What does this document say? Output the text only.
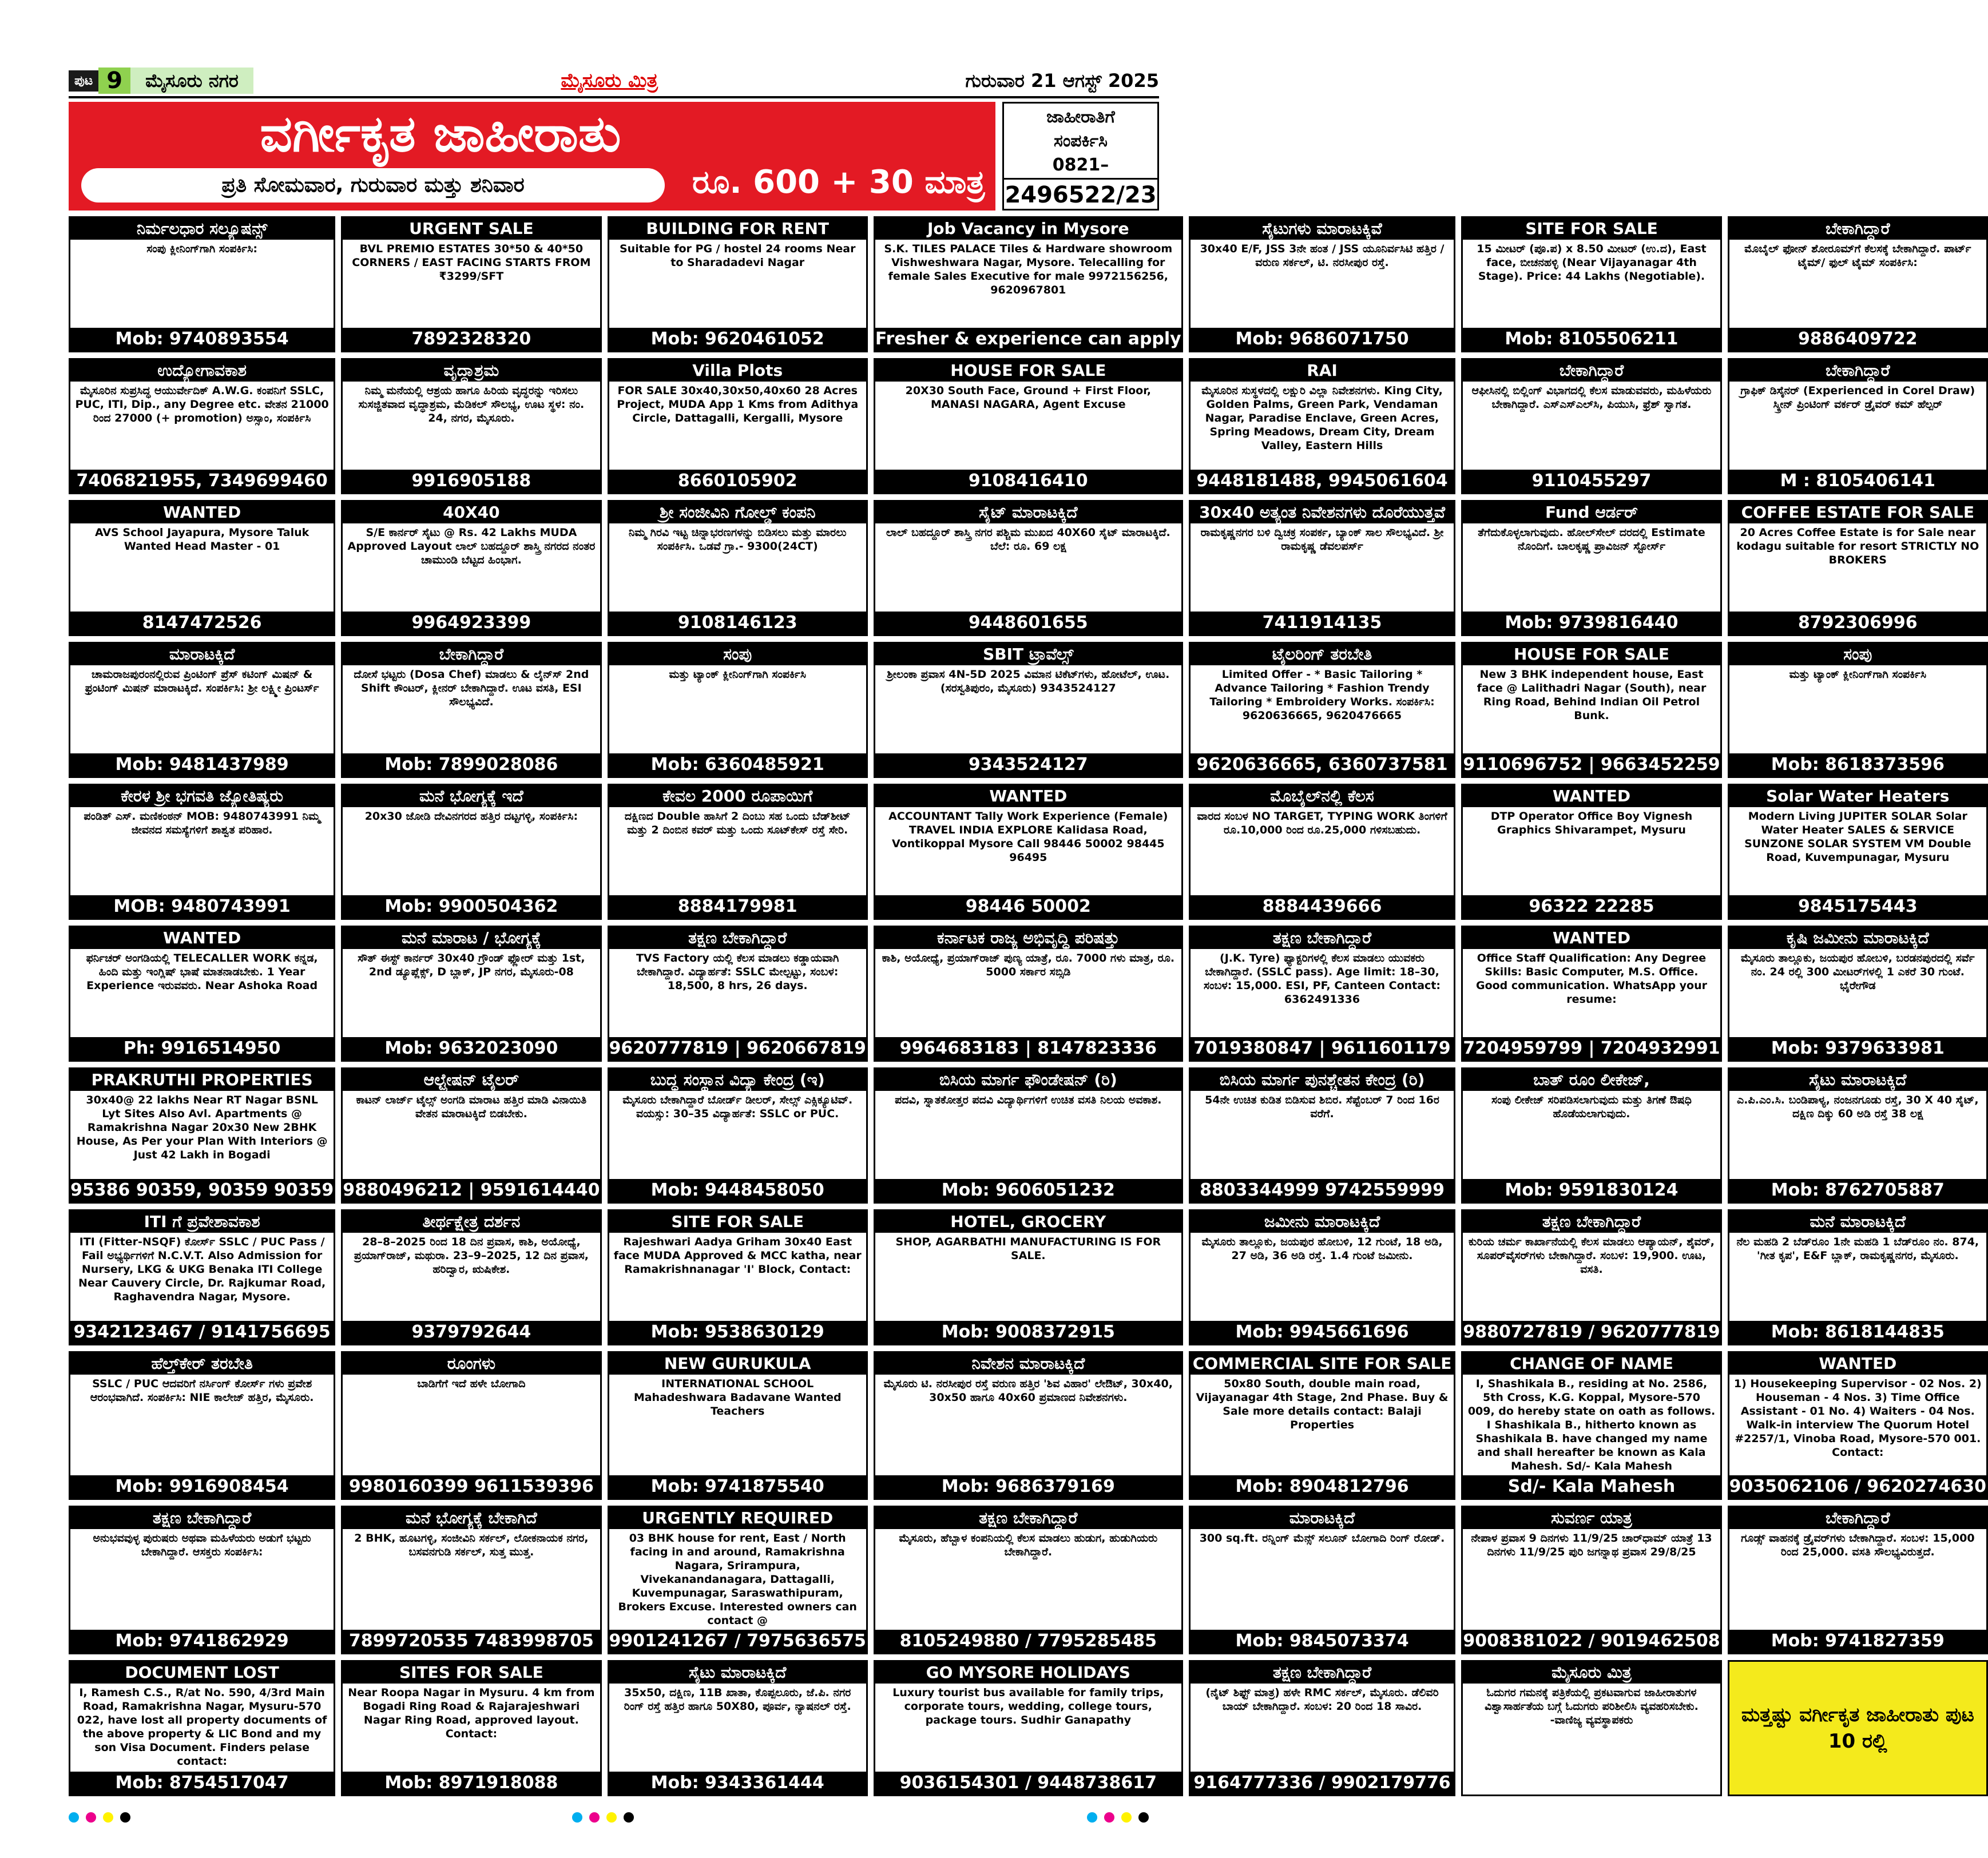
ಪುಟ 9	ಮೈಸೂರು ನಗರ	ಮೈಸೂರು ಮಿತ್ರ	ಗುರುವಾರ 21 ಆಗಸ್ಟ್ 2025
ವರ್ಗೀಕೃತ ಜಾಹೀರಾತು
ಪ್ರತಿ ಸೋಮವಾರ, ಗುರುವಾರ ಮತ್ತು ಶನಿವಾರ	ರೂ. 600 + 30 ಮಾತ್ರ
ಜಾಹೀರಾತಿಗೆ
ಸಂಪರ್ಕಿಸಿ
0821–
2496522/23
ನಿರ್ಮಲಧಾರ ಸಲ್ಯೂಷನ್ಸ್
ಸಂಪು ಕ್ಲೀನಿಂಗ್‌ಗಾಗಿ ಸಂಪರ್ಕಿಸಿ:
Mob: 9740893554
URGENT SALE
BVL PREMIO ESTATES 30*50 & 40*50 CORNERS / EAST FACING STARTS FROM ₹3299/SFT
7892328320
BUILDING FOR RENT
Suitable for PG / hostel 24 rooms Near to Sharadadevi Nagar
Mob: 9620461052
Job Vacancy in Mysore
S.K. TILES PALACE Tiles & Hardware showroom Vishweshwara Nagar, Mysore. Telecalling for female Sales Executive for male 9972156256, 9620967801
Fresher & experience can apply
ಸೈಟುಗಳು ಮಾರಾಟಕ್ಕಿವೆ
30x40 E/F, JSS 3ನೇ ಹಂತ / JSS ಯೂನಿರ್ವಸಿಟಿ ಹತ್ತಿರ / ವರುಣ ಸರ್ಕಲ್, ಟಿ. ನರಸೀಪುರ ರಸ್ತೆ.
Mob: 9686071750
SITE FOR SALE
15 ಮೀಟರ್ (ಪೂ.ಪ) x 8.50 ಮೀಟರ್ (ಉ.ದ), East face, ಬೀಚನಹಳ್ಳಿ (Near Vijayanagar 4th Stage). Price: 44 Lakhs (Negotiable).
Mob: 8105506211
ಬೇಕಾಗಿದ್ದಾರೆ
ಮೊಬೈಲ್ ಫೋನ್ ಶೋರೂಮ್‌ಗೆ ಕೆಲಸಕ್ಕೆ ಬೇಕಾಗಿದ್ದಾರೆ. ಪಾರ್ಟ್ ಟೈಮ್/ ಫುಲ್ ಟೈಮ್ ಸಂಪರ್ಕಿಸಿ:
9886409722
ಉದ್ಯೋಗಾವಕಾಶ
ಮೈಸೂರಿನ ಸುಪ್ರಸಿದ್ಧ ಆಯುರ್ವೇದಿಕ್ A.W.G. ಕಂಪನಿಗೆ SSLC, PUC, ITI, Dip., any Degree etc. ವೇತನ 21000 ರಿಂದ 27000 (+ promotion) ಅಸ್ಸಾಂ, ಸಂಪರ್ಕಿಸಿ
7406821955, 7349699460
ವೃದ್ಧಾಶ್ರಮ
ನಿಮ್ಮ ಮನೆಯಲ್ಲಿ ಆಶ್ರಯ ಹಾಗೂ ಹಿರಿಯ ವೃದ್ಧರನ್ನು ಇರಿಸಲು ಸುಸಜ್ಜಿತವಾದ ವೃದ್ಧಾಶ್ರಮ, ಮೆಡಿಕಲ್ ಸೌಲಭ್ಯ, ಊಟ ಸ್ಥಳ: ನಂ. 24, ನಗರ, ಮೈಸೂರು.
9916905188
Villa Plots
FOR SALE 30x40,30x50,40x60 28 Acres Project, MUDA App 1 Kms from Adithya Circle, Dattagalli, Kergalli, Mysore
8660105902
HOUSE FOR SALE
20X30 South Face, Ground + First Floor, MANASI NAGARA, Agent Excuse
9108416410
RAI
ಮೈಸೂರಿನ ಸುಸ್ಥಳದಲ್ಲಿ ಲಕ್ಷುರಿ ವಿಲ್ಲಾ ನಿವೇಶನಗಳು. King City, Golden Palms, Green Park, Vendaman Nagar, Paradise Enclave, Green Acres, Spring Meadows, Dream City, Dream Valley, Eastern Hills
9448181488, 9945061604
ಬೇಕಾಗಿದ್ದಾರೆ
ಆಫೀಸಿನಲ್ಲಿ ಬಿಲ್ಲಿಂಗ್ ವಿಭಾಗದಲ್ಲಿ ಕೆಲಸ ಮಾಡುವವರು, ಮಹಿಳೆಯರು ಬೇಕಾಗಿದ್ದಾರೆ. ಎಸ್‌ಎಸ್‌ಎಲ್‌ಸಿ, ಪಿಯುಸಿ, ಫ್ರೆಶ್ ಸ್ವಾಗತ.
9110455297
ಬೇಕಾಗಿದ್ದಾರೆ
ಗ್ರಾಫಿಕ್ ಡಿಸೈನರ್ (Experienced in Corel Draw) ಸ್ಕ್ರೀನ್ ಪ್ರಿಂಟಿಂಗ್ ವರ್ಕರ್ ಡ್ರೈವರ್ ಕಮ್ ಹೆಲ್ಪರ್
M : 8105406141
WANTED
AVS School Jayapura, Mysore Taluk Wanted Head Master - 01
8147472526
40X40
S/E ಕಾರ್ನರ್ ಸೈಟು @ Rs. 42 Lakhs MUDA Approved Layout ಲಾಲ್ ಬಹದ್ದೂರ್ ಶಾಸ್ತ್ರಿ ನಗರದ ನಂತರ ಚಾಮುಂಡಿ ಬೆಟ್ಟದ ಹಿಂಭಾಗ.
9964923399
ಶ್ರೀ ಸಂಜೀವಿನಿ ಗೋಲ್ಡ್ ಕಂಪನಿ
ನಿಮ್ಮ ಗಿರವಿ ಇಟ್ಟ ಚಿನ್ನಾಭರಣಗಳನ್ನು ಬಿಡಿಸಲು ಮತ್ತು ಮಾರಲು ಸಂಪರ್ಕಿಸಿ. ಒಡವೆ ಗ್ರಾ.- 9300(24CT)
9108146123
ಸೈಟ್ ಮಾರಾಟಕ್ಕಿದೆ
ಲಾಲ್ ಬಹದ್ದೂರ್ ಶಾಸ್ತ್ರಿ ನಗರ ಪಶ್ಚಿಮ ಮುಖದ 40X60 ಸೈಟ್ ಮಾರಾಟಕ್ಕಿದೆ. ಬೆಲೆ: ರೂ. 69 ಲಕ್ಷ
9448601655
30x40 ಅತ್ಯಂತ ನಿವೇಶನಗಳು ದೊರೆಯುತ್ತವೆ
ರಾಮಕೃಷ್ಣನಗರ ಬಳಿ ದ್ವಿಚಕ್ರ ಸಂಪರ್ಕ, ಬ್ಯಾಂಕ್ ಸಾಲ ಸೌಲಭ್ಯವಿದೆ. ಶ್ರೀ ರಾಮಕೃಷ್ಣ ಡೆವಲಪರ್ಸ್
7411914135
Fund ಆರ್ಡರ್
ತೆಗೆದುಕೊಳ್ಳಲಾಗುವುದು. ಹೋಲ್‌ಸೇಲ್ ದರದಲ್ಲಿ Estimate ನೊಂದಿಗೆ. ಬಾಲಕೃಷ್ಣ ಪ್ರಾವಿಜನ್ ಸ್ಟೋರ್ಸ್
Mob: 9739816440
COFFEE ESTATE FOR SALE
20 Acres Coffee Estate is for Sale near kodagu suitable for resort STRICTLY NO BROKERS
8792306996
ಮಾರಾಟಕ್ಕಿದೆ
ಚಾಮರಾಜಪುರಂನಲ್ಲಿರುವ ಪ್ರಿಂಟಿಂಗ್ ಪ್ರೆಸ್ ಕಟಿಂಗ್ ಮಿಷನ್ & ಫ್ರಂಟಿಂಗ್ ಮಿಷನ್ ಮಾರಾಟಕ್ಕಿದೆ. ಸಂಪರ್ಕಿಸಿ: ಶ್ರೀ ಲಕ್ಷ್ಮೀ ಪ್ರಿಂಟರ್ಸ್
Mob: 9481437989
ಬೇಕಾಗಿದ್ದಾರೆ
ದೋಸೆ ಭಟ್ಟರು (Dosa Chef) ಮಾಡಲು & ಲೈನ್‌ಸ್ ‌2nd Shift ಕೌಂಟರ್, ಕ್ಲೀನರ್ ಬೇಕಾಗಿದ್ದಾರೆ. ಊಟ ವಸತಿ, ESI ಸೌಲಭ್ಯವಿದೆ.
Mob: 7899028086
ಸಂಪು
ಮತ್ತು ಟ್ಯಾಂಕ್ ಕ್ಲೀನಿಂಗ್‌ಗಾಗಿ ಸಂಪರ್ಕಿಸಿ
Mob: 6360485921
SBIT ಟ್ರಾವೆಲ್ಸ್
ಶ್ರೀಲಂಕಾ ಪ್ರವಾಸ 4N-5D 2025 ವಿಮಾನ ಟಿಕೆಟ್‌ಗಳು, ಹೋಟೆಲ್, ಊಟ. (ಸರಸ್ವತಿಪುರಂ, ಮೈಸೂರು) 9343524127
9343524127
ಟೈಲರಿಂಗ್ ತರಬೇತಿ
Limited Offer - * Basic Tailoring * Advance Tailoring * Fashion Trendy Tailoring * Embroidery Works. ಸಂಪರ್ಕಿಸಿ: 9620636665, 9620476665
9620636665, 6360737581
HOUSE FOR SALE
New 3 BHK independent house, East face @ Lalithadri Nagar (South), near Ring Road, Behind Indian Oil Petrol Bunk.
9110696752 | 9663452259
ಸಂಪು
ಮತ್ತು ಟ್ಯಾಂಕ್ ಕ್ಲೀನಿಂಗ್‌ಗಾಗಿ ಸಂಪರ್ಕಿಸಿ
Mob: 8618373596
ಕೇರಳ ಶ್ರೀ ಭಗವತಿ ಜ್ಯೋತಿಷ್ಯರು
ಪಂಡಿತ್ ಎಸ್. ಮಣಿಕಂಠನ್ MOB: 9480743991 ನಿಮ್ಮ ಜೀವನದ ಸಮಸ್ಯೆಗಳಿಗೆ ಶಾಶ್ವತ ಪರಿಹಾರ.
MOB: 9480743991
ಮನೆ ಭೋಗ್ಯಕ್ಕೆ ಇದೆ
20x30 ಜೋಡಿ ದೇವಿನಗರದ ಹತ್ತಿರ ದಟ್ಟಗಳ್ಳಿ, ಸಂಪರ್ಕಿಸಿ:
Mob: 9900504362
ಕೇವಲ 2000 ರೂಪಾಯಿಗೆ
ದಕ್ಷಿಣದ Double ಹಾಸಿಗೆ 2 ದಿಂಬು ಸಹ ಒಂದು ಬೆಡ್‌ಶೀಟ್ ಮತ್ತು 2 ದಿಂಬಿನ ಕವರ್ ಮತ್ತು ಒಂದು ಸೂಟ್‌ಕೇಸ್ ರಸ್ತೆ ಸೇರಿ.
8884179981
WANTED
ACCOUNTANT Tally Work Experience (Female) TRAVEL INDIA EXPLORE Kalidasa Road, Vontikoppal Mysore Call 98446 50002 98445 96495
98446 50002
ಮೊಬೈಲ್‌ನಲ್ಲಿ ಕೆಲಸ
ವಾರದ ಸಂಬಳ NO TARGET, TYPING WORK ತಿಂಗಳಿಗೆ ರೂ.10,000 ರಿಂದ ರೂ.25,000 ಗಳಿಸಬಹುದು.
8884439666
WANTED
DTP Operator Office Boy Vignesh Graphics Shivarampet, Mysuru
96322 22285
Solar Water Heaters
Modern Living JUPITER SOLAR Solar Water Heater SALES & SERVICE SUNZONE SOLAR SYSTEM VM Double Road, Kuvempunagar, Mysuru
9845175443
WANTED
ಫರ್ನಿಚರ್ ಅಂಗಡಿಯಲ್ಲಿ TELECALLER WORK ಕನ್ನಡ, ಹಿಂದಿ ಮತ್ತು ಇಂಗ್ಲಿಷ್ ಭಾಷೆ ಮಾತನಾಡಬೇಕು. 1 Year Experience ಇರುವವರು. Near Ashoka Road
Ph: 9916514950
ಮನೆ ಮಾರಾಟ / ಭೋಗ್ಯಕ್ಕೆ
ಸೌತ್ ಈಸ್ಟ್ ಕಾರ್ನರ್ 30x40 ಗ್ರೌಂಡ್ ಫ್ಲೋರ್ ಮತ್ತು 1st, 2nd ಡ್ಯೂಪ್ಲೆಕ್ಸ್, D ಬ್ಲಾಕ್, JP ನಗರ, ಮೈಸೂರು-08
Mob: 9632023090
ತಕ್ಷಣ ಬೇಕಾಗಿದ್ದಾರೆ
TVS Factory ಯಲ್ಲಿ ಕೆಲಸ ಮಾಡಲು ಕಡ್ಡಾಯವಾಗಿ ಬೇಕಾಗಿದ್ದಾರೆ. ವಿದ್ಯಾರ್ಹತೆ: SSLC ಮೇಲ್ಪಟ್ಟು, ಸಂಬಳ: 18,500, 8 hrs, 26 days.
9620777819 | 9620667819
ಕರ್ನಾಟಕ ರಾಜ್ಯ ಅಭಿವೃದ್ಧಿ ಪರಿಷತ್ತು
ಕಾಶಿ, ಅಯೋಧ್ಯೆ, ಪ್ರಯಾಗ್‌ರಾಜ್ ಪುಣ್ಯ ಯಾತ್ರೆ, ರೂ. 7000 ಗಳು ಮಾತ್ರ, ರೂ. 5000 ಸರ್ಕಾರ ಸಬ್ಸಿಡಿ
9964683183 | 8147823336
ತಕ್ಷಣ ಬೇಕಾಗಿದ್ದಾರೆ
(J.K. Tyre) ಫ್ಯಾಕ್ಟರಿಗಳಲ್ಲಿ ಕೆಲಸ ಮಾಡಲು ಯುವಕರು ಬೇಕಾಗಿದ್ದಾರೆ. (SSLC pass). Age limit: 18–30, ಸಂಬಳ: 15,000. ESI, PF, Canteen Contact: 6362491336
7019380847 | 9611601179
WANTED
Office Staff Qualification: Any Degree Skills: Basic Computer, M.S. Office. Good communication. WhatsApp your resume:
7204959799 | 7204932991
ಕೃಷಿ ಜಮೀನು ಮಾರಾಟಕ್ಕಿದೆ
ಮೈಸೂರು ತಾಲ್ಲೂಕು, ಜಯಪುರ ಹೋಬಳಿ, ಬರಡನಪುರದಲ್ಲಿ ಸರ್ವೆ ನಂ. 24 ರಲ್ಲಿ 300 ಮೀಟರ್‌ಗಳಲ್ಲಿ 1 ಎಕರೆ 30 ಗುಂಟೆ. ಭೈರೇಗೌಡ
Mob: 9379633981
PRAKRUTHI PROPERTIES
30x40@ 22 lakhs Near RT Nagar BSNL Lyt Sites Also Avl. Apartments @ Ramakrishna Nagar 20x30 New 2BHK House, As Per your Plan With Interiors @ Just 42 Lakh in Bogadi
95386 90359, 90359 90359
ಆಲ್ಟ್ರೇಷನ್ ಟೈಲರ್
ಕಾಟನ್ ಲಾರ್ಜ್ ಟೈಲ್ಸ್ ಅಂಗಡಿ ಮಾರಾಟ ಹತ್ತಿರ ಮಾಡಿ ವಿನಾಯಿತಿ ವೇತನ ಮಾರಾಟಕ್ಕಿದೆ ಬಿಡಬೇಕು.
9880496212 | 9591614440
ಬುದ್ಧ ಸಂಸ್ಥಾನ ವಿದ್ಯಾ ಕೇಂದ್ರ (ಇ)
ಮೈಸೂರು ಬೇಕಾಗಿದ್ದಾರೆ ಬೋರ್ಡ್ ಡೀಲರ್, ಸೇಲ್ಸ್ ಎಕ್ಸಿಕ್ಯೂಟಿವ್. ವಯಸ್ಸು: 30–35 ವಿದ್ಯಾರ್ಹತೆ: SSLC or PUC.
Mob: 9448458050
ಬಿಸಿಯ ಮಾರ್ಗ ಫೌಂಡೇಷನ್ (ರಿ)
ಪದವಿ, ಸ್ನಾತಕೋತ್ತರ ಪದವಿ ವಿದ್ಯಾರ್ಥಿಗಳಿಗೆ ಉಚಿತ ವಸತಿ ನಿಲಯ ಅವಕಾಶ.
Mob: 9606051232
ಬಿಸಿಯ ಮಾರ್ಗ ಪುನಶ್ಚೇತನ ಕೇಂದ್ರ (ರಿ)
54ನೇ ಉಚಿತ ಕುಡಿತ ಬಿಡಿಸುವ ಶಿಬಿರ. ಸೆಪ್ಟೆಂಬರ್ 7 ರಿಂದ 16ರ ವರೆಗೆ.
8803344999 9742559999
ಬಾತ್ ರೂಂ ಲೀಕೇಜ್,
ಸಂಪು ಲೀಕೇಜ್ ಸರಿಪಡಿಸಲಾಗುವುದು ಮತ್ತು ತಿಗಣೆ ಔಷಧಿ ಹೊಡೆಯಲಾಗುವುದು.
Mob: 9591830124
ಸೈಟು ಮಾರಾಟಕ್ಕಿದೆ
ಎ.ಪಿ.ಎಂ.ಸಿ. ಬಂಡಿಪಾಳ್ಯ, ನಂಜನಗೂಡು ರಸ್ತೆ, 30 X 40 ಸೈಟ್, ದಕ್ಷಿಣ ದಿಕ್ಕು 60 ಅಡಿ ರಸ್ತೆ 38 ಲಕ್ಷ
Mob: 8762705887
ITI ಗೆ ಪ್ರವೇಶಾವಕಾಶ
ITI (Fitter-NSQF) ಕೋರ್ಸ್ SSLC / PUC Pass / Fail ಅಭ್ಯರ್ಥಿಗಳಿಗೆ N.C.V.T. Also Admission for Nursery, LKG & UKG Benaka ITI College Near Cauvery Circle, Dr. Rajkumar Road, Raghavendra Nagar, Mysore.
9342123467 / 9141756695
ತೀರ್ಥಕ್ಷೇತ್ರ ದರ್ಶನ
28–8–2025 ರಿಂದ 18 ದಿನ ಪ್ರವಾಸ, ಕಾಶಿ, ಅಯೋಧ್ಯೆ, ಪ್ರಯಾಗ್‌ರಾಜ್, ಮಥುರಾ. 23–9–2025, 12 ದಿನ ಪ್ರವಾಸ, ಹರಿದ್ವಾರ, ಋಷಿಕೇಶ.
9379792644
SITE FOR SALE
Rajeshwari Aadya Griham 30x40 East face MUDA Approved & MCC katha, near Ramakrishnanagar 'I' Block, Contact:
Mob: 9538630129
HOTEL, GROCERY
SHOP, AGARBATHI MANUFACTURING IS FOR SALE.
Mob: 9008372915
ಜಮೀನು ಮಾರಾಟಕ್ಕಿದೆ
ಮೈಸೂರು ತಾಲ್ಲೂಕು, ಜಯಪುರ ಹೋಬಳಿ, 12 ಗುಂಟೆ, 18 ಅಡಿ, 27 ಅಡಿ, 36 ಅಡಿ ರಸ್ತೆ. 1.4 ಗುಂಟೆ ಜಮೀನು.
Mob: 9945661696
ತಕ್ಷಣ ಬೇಕಾಗಿದ್ದಾರೆ
ಕುರಿಯ ಚರ್ಮ ಕಾರ್ಖಾನೆಯಲ್ಲಿ ಕೆಲಸ ಮಾಡಲು ಆಪ್ಯಾಯನ್, ಶೈವರ್, ಸೂಪರ್‌ವೈಸರ್‌ಗಳು ಬೇಕಾಗಿದ್ದಾರೆ. ಸಂಬಳ: 19,900. ಊಟ, ವಸತಿ.
9880727819 / 9620777819
ಮನೆ ಮಾರಾಟಕ್ಕಿದೆ
ನೆಲ ಮಹಡಿ 2 ಬೆಡ್‌ರೂಂ 1ನೇ ಮಹಡಿ 1 ಬೆಡ್‌ರೂಂ ನಂ. 874, 'ಗೀತ ಕೃಪ', E&F ಬ್ಲಾಕ್, ರಾಮಕೃಷ್ಣನಗರ, ಮೈಸೂರು.
Mob: 8618144835
ಹೆಲ್ತ್‌ಕೇರ್ ತರಬೇತಿ
SSLC / PUC ಆದವರಿಗೆ ನರ್ಸಿಂಗ್ ಕೋರ್ಸ್ ಗಳು ಪ್ರವೇಶ ಆರಂಭವಾಗಿದೆ. ಸಂಪರ್ಕಿಸಿ: NIE ಕಾಲೇಜ್ ಹತ್ತಿರ, ಮೈಸೂರು.
Mob: 9916908454
ರೂಂಗಳು
ಬಾಡಿಗೆಗೆ ಇದೆ ಹಳೇ ಬೋಗಾದಿ
9980160399 9611539396
NEW GURUKULA
INTERNATIONAL SCHOOL Mahadeshwara Badavane Wanted Teachers
Mob: 9741875540
ನಿವೇಶನ ಮಾರಾಟಕ್ಕಿದೆ
ಮೈಸೂರು ಟಿ. ನರಸೀಪುರ ರಸ್ತೆ ವರುಣ ಹತ್ತಿರ 'ಶಿವ ವಿಹಾರ' ಲೇಔಟ್, 30x40, 30x50 ಹಾಗೂ 40x60 ಪ್ರಮಾಣದ ನಿವೇಶನಗಳು.
Mob: 9686379169
COMMERCIAL SITE FOR SALE
50x80 South, double main road, Vijayanagar 4th Stage, 2nd Phase. Buy & Sale more details contact: Balaji Properties
Mob: 8904812796
CHANGE OF NAME
I, Shashikala B., residing at No. 2586, 5th Cross, K.G. Koppal, Mysore-570 009, do hereby state on oath as follows. I Shashikala B., hitherto known as Shashikala B. have changed my name and shall hereafter be known as Kala Mahesh. Sd/- Kala Mahesh
Sd/- Kala Mahesh
WANTED
1) Housekeeping Supervisor - 02 Nos. 2) Houseman - 4 Nos. 3) Time Office Assistant - 01 No. 4) Waiters - 04 Nos. Walk-in interview The Quorum Hotel #2257/1, Vinoba Road, Mysore-570 001. Contact:
9035062106 / 9620274630
ತಕ್ಷಣ ಬೇಕಾಗಿದ್ದಾರೆ
ಅನುಭವವುಳ್ಳ ಪುರುಷರು ಅಥವಾ ಮಹಿಳೆಯರು ಅಡುಗೆ ಭಟ್ಟರು ಬೇಕಾಗಿದ್ದಾರೆ. ಆಸಕ್ತರು ಸಂಪರ್ಕಿಸಿ:
Mob: 9741862929
ಮನೆ ಭೋಗ್ಯಕ್ಕೆ ಬೇಕಾಗಿದೆ
2 BHK, ಹೂಟಗಳ್ಳಿ, ಸಂಜೀವಿನಿ ಸರ್ಕಲ್, ಲೋಕನಾಯಕ ನಗರ, ಬಸವನಗುಡಿ ಸರ್ಕಲ್, ಸುತ್ತ ಮುತ್ತ.
7899720535 7483998705
URGENTLY REQUIRED
03 BHK house for rent, East / North facing in and around, Ramakrishna Nagara, Srirampura, Vivekanandanagara, Dattagalli, Kuvempunagar, Saraswathipuram, Brokers Excuse. Interested owners can contact @
9901241267 / 7975636575
ತಕ್ಷಣ ಬೇಕಾಗಿದ್ದಾರೆ
ಮೈಸೂರು, ಹೆಬ್ಬಾಳ ಕಂಪನಿಯಲ್ಲಿ ಕೆಲಸ ಮಾಡಲು ಹುಡುಗ, ಹುಡುಗಿಯರು ಬೇಕಾಗಿದ್ದಾರೆ.
8105249880 / 7795285485
ಮಾರಾಟಕ್ಕಿದೆ
300 sq.ft. ರನ್ನಿಂಗ್ ಮೆನ್ಸ್ ಸಲೂನ್ ಬೋಗಾದಿ ರಿಂಗ್ ರೋಡ್.
Mob: 9845073374
ಸುವರ್ಣ ಯಾತ್ರ
ನೇಪಾಳ ಪ್ರವಾಸ 9 ದಿನಗಳು 11/9/25 ಚಾರ್‌ಧಾಮ್ ಯಾತ್ರೆ 13 ದಿನಗಳು 11/9/25 ಪುರಿ ಜಗನ್ನಾಥ ಪ್ರವಾಸ 29/8/25
9008381022 / 9019462508
ಬೇಕಾಗಿದ್ದಾರೆ
ಗೂಡ್ಸ್ ವಾಹನಕ್ಕೆ ಡ್ರೈವರ್‌ಗಳು ಬೇಕಾಗಿದ್ದಾರೆ. ಸಂಬಳ: 15,000 ರಿಂದ 25,000. ವಸತಿ ಸೌಲಭ್ಯವಿರುತ್ತದೆ.
Mob: 9741827359
DOCUMENT LOST
I, Ramesh C.S., R/at No. 590, 4/3rd Main Road, Ramakrishna Nagar, Mysuru-570 022, have lost all property documents of the above property & LIC Bond and my son Visa Document. Finders pelase contact:
Mob: 8754517047
SITES FOR SALE
Near Roopa Nagar in Mysuru. 4 km from Bogadi Ring Road & Rajarajeshwari Nagar Ring Road, approved layout. Contact:
Mob: 8971918088
ಸೈಟು ಮಾರಾಟಕ್ಕಿದೆ
35x50, ದಕ್ಷಿಣ, 11B ಖಾತಾ, ಕೊಪ್ಪಲೂರು, ಜೆ.ಪಿ. ನಗರ ರಿಂಗ್ ರಸ್ತೆ ಹತ್ತಿರ ಹಾಗೂ 50X80, ಪೂರ್ವ, ನ್ಯಾಷನಲ್ ರಸ್ತೆ.
Mob: 9343361444
GO MYSORE HOLIDAYS
Luxury tourist bus available for family trips, corporate tours, wedding, college tours, package tours. Sudhir Ganapathy
9036154301 / 9448738617
ತಕ್ಷಣ ಬೇಕಾಗಿದ್ದಾರೆ
(ನೈಟ್ ಶಿಫ್ಟ್ ಮಾತ್ರ) ಹಳೇ RMC ಸರ್ಕಲ್, ಮೈಸೂರು. ಡೆಲಿವರಿ ಬಾಯ್ ಬೇಕಾಗಿದ್ದಾರೆ. ಸಂಬಳ: 20 ರಿಂದ 18 ಸಾವಿರ.
9164777336 / 9902179776
ಮೈಸೂರು ಮಿತ್ರ
ಓದುಗರ ಗಮನಕ್ಕೆ ಪತ್ರಿಕೆಯಲ್ಲಿ ಪ್ರಕಟವಾಗುವ ಜಾಹೀರಾತುಗಳ ವಿಶ್ವಾಸಾರ್ಹತೆಯ ಬಗ್ಗೆ ಓದುಗರು ಪರಿಶೀಲಿಸಿ ವ್ಯವಹರಿಸಬೇಕು. -ವಾಣಿಜ್ಯ ವ್ಯವಸ್ಥಾಪಕರು	ಮತ್ತಷ್ಟು ವರ್ಗೀಕೃತ ಜಾಹೀರಾತು ಪುಟ 10 ರಲ್ಲಿ
